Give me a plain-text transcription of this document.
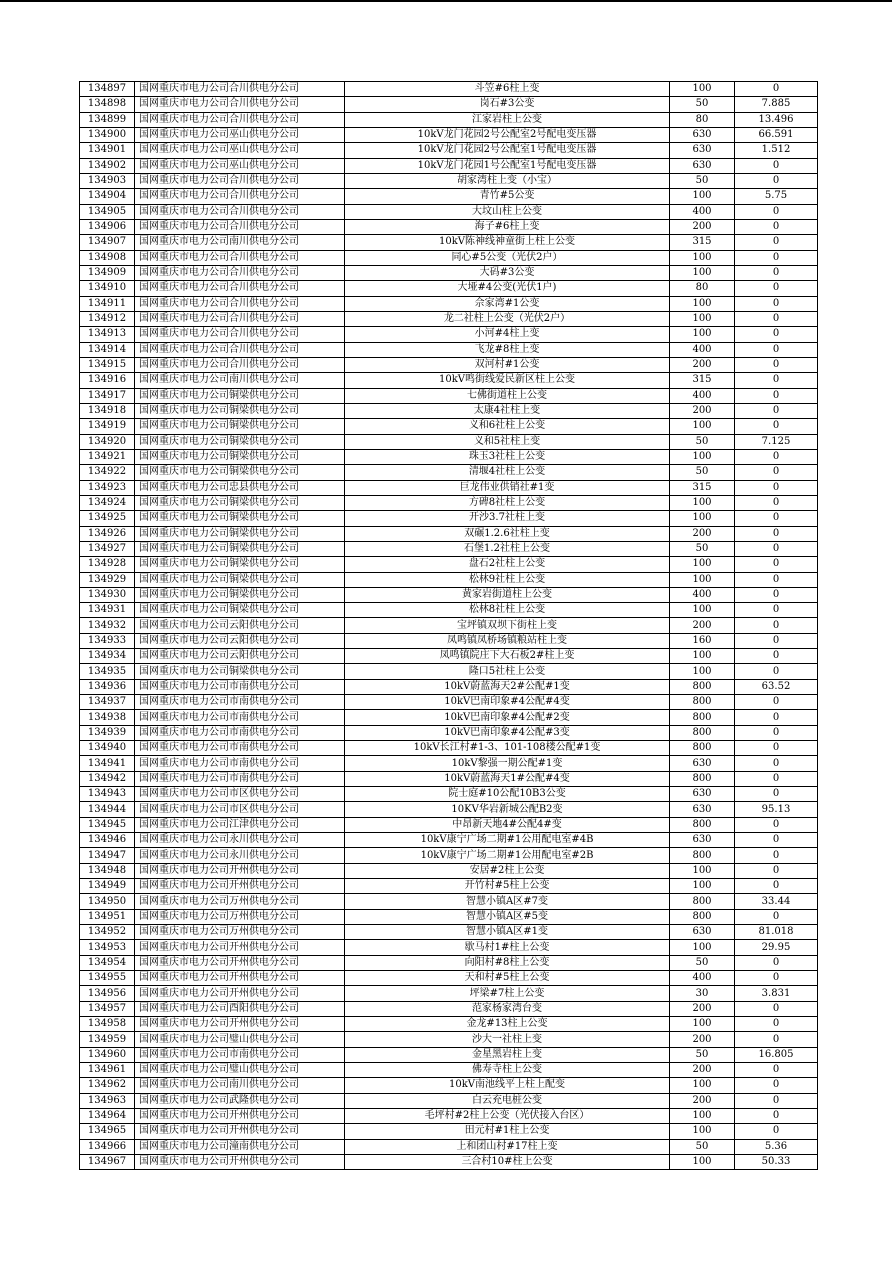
134897	国网重庆市电力公司合川供电分公司	斗笠#6柱上变	100	0
134898	国网重庆市电力公司合川供电分公司	岗石#3公变	50	7.885
134899	国网重庆市电力公司合川供电分公司	江家岩柱上公变	80	13.496
134900	国网重庆市电力公司巫山供电分公司	10kV龙门花园2号公配室2号配电变压器	630	66.591
134901	国网重庆市电力公司巫山供电分公司	10kV龙门花园2号公配室1号配电变压器	630	1.512
134902	国网重庆市电力公司巫山供电分公司	10kV龙门花园1号公配室1号配电变压器	630	0
134903	国网重庆市电力公司合川供电分公司	胡家湾柱上变（小宝）	50	0
134904	国网重庆市电力公司合川供电分公司	青竹#5公变	100	5.75
134905	国网重庆市电力公司合川供电分公司	大坟山柱上公变	400	0
134906	国网重庆市电力公司合川供电分公司	海子#6柱上变	200	0
134907	国网重庆市电力公司南川供电分公司	10kV陈神线神童街上柱上公变	315	0
134908	国网重庆市电力公司合川供电分公司	同心#5公变（光伏2户）	100	0
134909	国网重庆市电力公司合川供电分公司	大码#3公变	100	0
134910	国网重庆市电力公司合川供电分公司	大垭#4公变(光伏1户)	80	0
134911	国网重庆市电力公司合川供电分公司	佘家湾#1公变	100	0
134912	国网重庆市电力公司合川供电分公司	龙二社柱上公变（光伏2户）	100	0
134913	国网重庆市电力公司合川供电分公司	小河#4柱上变	100	0
134914	国网重庆市电力公司合川供电分公司	飞龙#8柱上变	400	0
134915	国网重庆市电力公司合川供电分公司	双河村#1公变	200	0
134916	国网重庆市电力公司南川供电分公司	10kV鸣街线爱民新区柱上公变	315	0
134917	国网重庆市电力公司铜梁供电分公司	七佛街道柱上公变	400	0
134918	国网重庆市电力公司铜梁供电分公司	太康4社柱上变	200	0
134919	国网重庆市电力公司铜梁供电分公司	义和6社柱上公变	100	0
134920	国网重庆市电力公司铜梁供电分公司	义和5社柱上变	50	7.125
134921	国网重庆市电力公司铜梁供电分公司	珠玉3社柱上公变	100	0
134922	国网重庆市电力公司铜梁供电分公司	清堰4社柱上公变	50	0
134923	国网重庆市电力公司忠县供电分公司	巨龙伟业供销社#1变	315	0
134924	国网重庆市电力公司铜梁供电分公司	方碑8社柱上公变	100	0
134925	国网重庆市电力公司铜梁供电分公司	开沙3.7社柱上变	100	0
134926	国网重庆市电力公司铜梁供电分公司	双碾1.2.6社柱上变	200	0
134927	国网重庆市电力公司铜梁供电分公司	石堡1.2社柱上公变	50	0
134928	国网重庆市电力公司铜梁供电分公司	盘石2社柱上公变	100	0
134929	国网重庆市电力公司铜梁供电分公司	松林9社柱上公变	100	0
134930	国网重庆市电力公司铜梁供电分公司	黄家岩街道柱上公变	400	0
134931	国网重庆市电力公司铜梁供电分公司	松林8社柱上公变	100	0
134932	国网重庆市电力公司云阳供电分公司	宝坪镇双坝下街柱上变	200	0
134933	国网重庆市电力公司云阳供电分公司	凤鸣镇凤桥场镇粮站柱上变	160	0
134934	国网重庆市电力公司云阳供电分公司	凤鸣镇院庄下大石板2#柱上变	100	0
134935	国网重庆市电力公司铜梁供电分公司	隆口5社柱上公变	100	0
134936	国网重庆市电力公司市南供电分公司	10kV蔚蓝海天2#公配#1变	800	63.52
134937	国网重庆市电力公司市南供电分公司	10kV巴南印象#4公配#4变	800	0
134938	国网重庆市电力公司市南供电分公司	10kV巴南印象#4公配#2变	800	0
134939	国网重庆市电力公司市南供电分公司	10kV巴南印象#4公配#3变	800	0
134940	国网重庆市电力公司市南供电分公司	10kV长江村#1-3、101-108楼公配#1变	800	0
134941	国网重庆市电力公司市南供电分公司	10kV黎强一期公配#1变	630	0
134942	国网重庆市电力公司市南供电分公司	10kV蔚蓝海天1#公配#4变	800	0
134943	国网重庆市电力公司市区供电分公司	院士庭#10公配10B3公变	630	0
134944	国网重庆市电力公司市区供电分公司	10KV华岩新城公配B2变	630	95.13
134945	国网重庆市电力公司江津供电分公司	中昂新天地4#公配4#变	800	0
134946	国网重庆市电力公司永川供电分公司	10kV康宁广场二期#1公用配电室#4B	630	0
134947	国网重庆市电力公司永川供电分公司	10kV康宁广场二期#1公用配电室#2B	800	0
134948	国网重庆市电力公司开州供电分公司	安居#2柱上公变	100	0
134949	国网重庆市电力公司开州供电分公司	开竹村#5柱上公变	100	0
134950	国网重庆市电力公司万州供电分公司	智慧小镇A区#7变	800	33.44
134951	国网重庆市电力公司万州供电分公司	智慧小镇A区#5变	800	0
134952	国网重庆市电力公司万州供电分公司	智慧小镇A区#1变	630	81.018
134953	国网重庆市电力公司开州供电分公司	歇马村1#柱上公变	100	29.95
134954	国网重庆市电力公司开州供电分公司	向阳村#8柱上公变	50	0
134955	国网重庆市电力公司开州供电分公司	天和村#5柱上公变	400	0
134956	国网重庆市电力公司开州供电分公司	坪梁#7柱上公变	30	3.831
134957	国网重庆市电力公司酉阳供电分公司	范家杨家湾台变	200	0
134958	国网重庆市电力公司开州供电分公司	金龙#13柱上公变	100	0
134959	国网重庆市电力公司璧山供电分公司	沙大一社柱上变	200	0
134960	国网重庆市电力公司市南供电分公司	金星黑岩柱上变	50	16.805
134961	国网重庆市电力公司璧山供电分公司	佛寿寺柱上公变	200	0
134962	国网重庆市电力公司南川供电分公司	10kV南池线平上柱上配变	100	0
134963	国网重庆市电力公司武隆供电分公司	白云充电桩公变	200	0
134964	国网重庆市电力公司开州供电分公司	毛坪村#2柱上公变（光伏接入台区）	100	0
134965	国网重庆市电力公司开州供电分公司	田元村#1柱上公变	100	0
134966	国网重庆市电力公司潼南供电分公司	上和团山村#17柱上变	50	5.36
134967	国网重庆市电力公司开州供电分公司	三合村10#柱上公变	100	50.33
